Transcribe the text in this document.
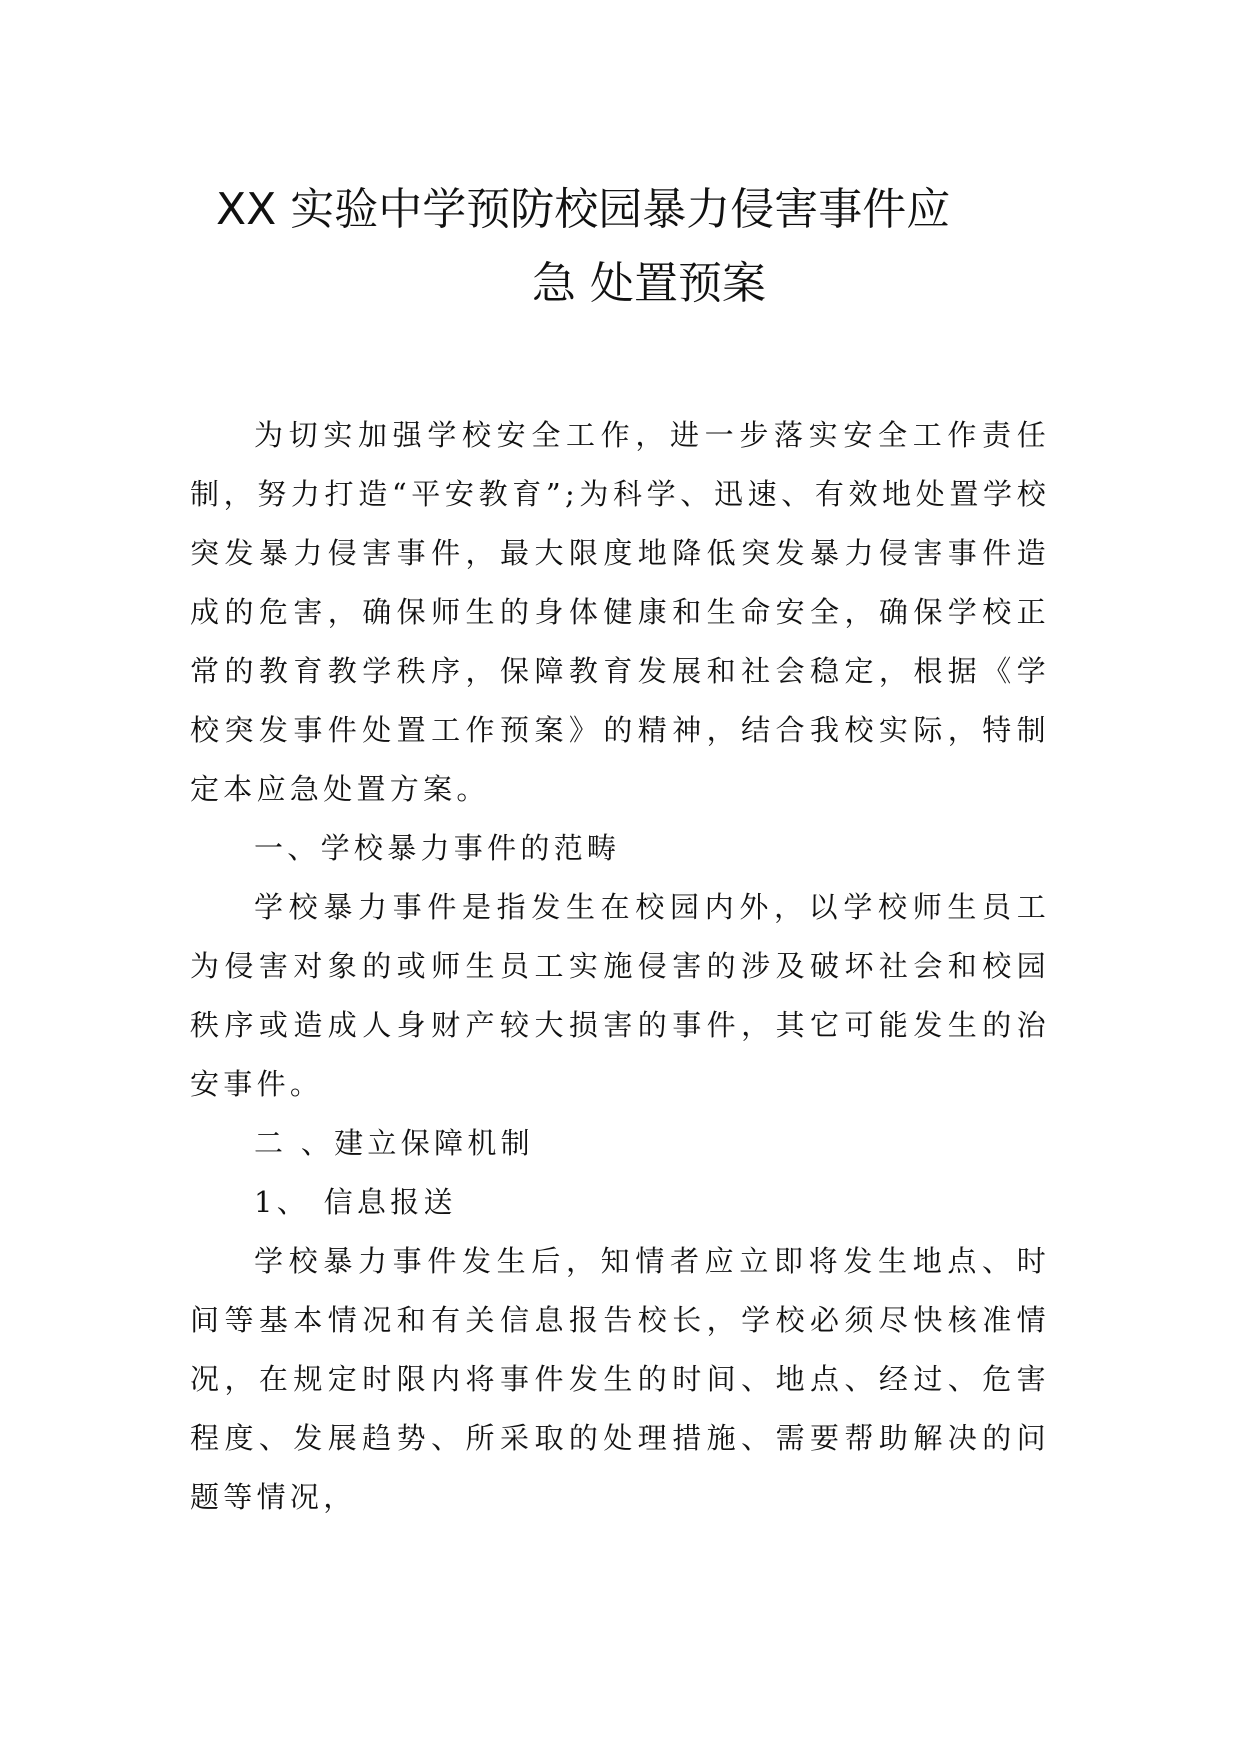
XX 实验中学预防校园暴力侵害事件应
急 处置预案

为切实加强学校安全工作，进一步落实安全工作责任制，努力打造“平安教育”;为科学、迅速、有效地处置学校突发暴力侵害事件，最大限度地降低突发暴力侵害事件造成的危害，确保师生的身体健康和生命安全，确保学校正常的教育教学秩序，保障教育发展和社会稳定，根据《学校突发事件处置工作预案》的精神，结合我校实际，特制定本应急处置方案。

一、学校暴力事件的范畴

学校暴力事件是指发生在校园内外，以学校师生员工为侵害对象的或师生员工实施侵害的涉及破坏社会和校园秩序或造成人身财产较大损害的事件，其它可能发生的治安事件。

二 、建立保障机制

1、 信息报送

学校暴力事件发生后，知情者应立即将发生地点、时间等基本情况和有关信息报告校长，学校必须尽快核准情况，在规定时限内将事件发生的时间、地点、经过、危害程度、发展趋势、所采取的处理措施、需要帮助解决的问题等情况，
